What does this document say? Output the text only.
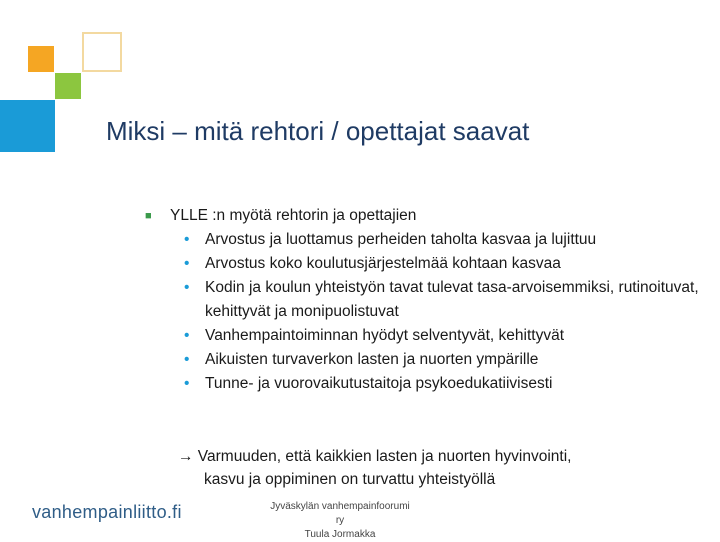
Miksi – mitä rehtori / opettajat saavat
■ YLLE :n myötä rehtorin ja opettajien
• Arvostus ja luottamus perheiden taholta kasvaa ja lujittuu
• Arvostus koko koulutusjärjestelmää kohtaan kasvaa
• Kodin ja koulun yhteistyön tavat tulevat tasa-arvoisemmiksi, rutinoituvat, kehittyvät ja monipuolistuvat
• Vanhempaintoiminnan hyödyt selventyvät, kehittyvät
• Aikuisten turvaverkon lasten ja nuorten ympärille
• Tunne- ja vuorovaikutustaitoja psykoedukatiivisesti
→ Varmuuden, että kaikkien lasten ja nuorten hyvinvointi,
kasvu ja oppiminen on turvattu yhteistyöllä
vanhempainliitto.fi	Jyväskylän vanhempainfoorumi ry
Tuula Jormakka
